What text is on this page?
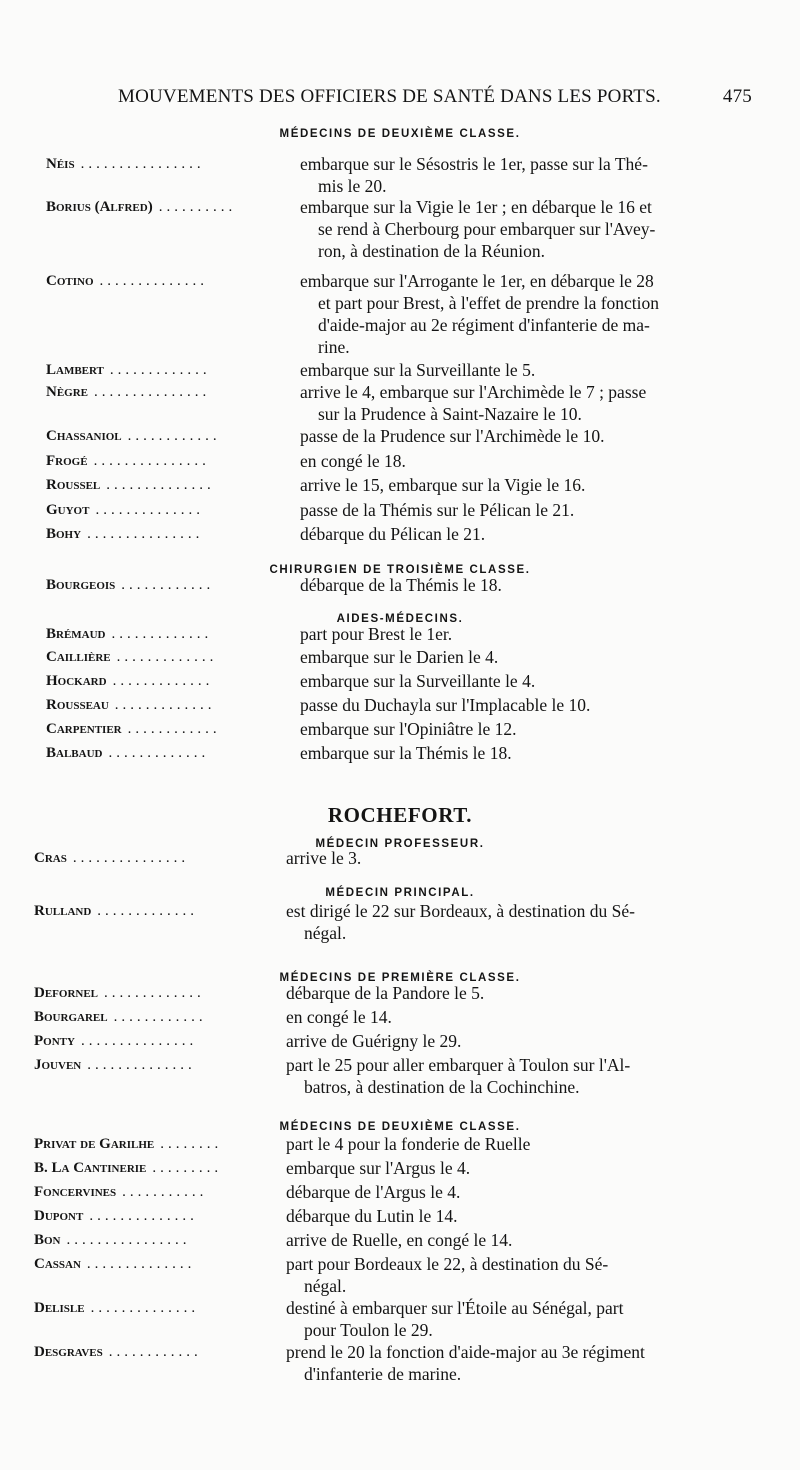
MOUVEMENTS DES OFFICIERS DE SANTÉ DANS LES PORTS.	475
MÉDECINS DE DEUXIÈME CLASSE.
Néis ................	embarque sur le Sésostris le 1er, passe sur la Thé-
mis le 20.
Borius (Alfred) ..........	embarque sur la Vigie le 1er ; en débarque le 16 et
se rend à Cherbourg pour embarquer sur l'Avey-
ron, à destination de la Réunion.
Cotino ..............	embarque sur l'Arrogante le 1er, en débarque le 28
et part pour Brest, à l'effet de prendre la fonction
d'aide-major au 2e régiment d'infanterie de ma-
rine.
Lambert .............	embarque sur la Surveillante le 5.
Nègre ...............	arrive le 4, embarque sur l'Archimède le 7 ; passe
sur la Prudence à Saint-Nazaire le 10.
Chassaniol ............	passe de la Prudence sur l'Archimède le 10.
Frogé ...............	en congé le 18.
Roussel ..............	arrive le 15, embarque sur la Vigie le 16.
Guyot ..............	passe de la Thémis sur le Pélican le 21.
Bohy ...............	débarque du Pélican le 21.
CHIRURGIEN DE TROISIÈME CLASSE.
Bourgeois ............	débarque de la Thémis le 18.
AIDES-MÉDECINS.
Brémaud .............	part pour Brest le 1er.
Caillière .............	embarque sur le Darien le 4.
Hockard .............	embarque sur la Surveillante le 4.
Rousseau .............	passe du Duchayla sur l'Implacable le 10.
Carpentier ............	embarque sur l'Opiniâtre le 12.
Balbaud .............	embarque sur la Thémis le 18.
ROCHEFORT.
MÉDECIN PROFESSEUR.
Cras ...............	arrive le 3.
MÉDECIN PRINCIPAL.
Rulland .............	est dirigé le 22 sur Bordeaux, à destination du Sé-
négal.
MÉDECINS DE PREMIÈRE CLASSE.
Defornel .............	débarque de la Pandore le 5.
Bourgarel ............	en congé le 14.
Ponty ...............	arrive de Guérigny le 29.
Jouven ..............	part le 25 pour aller embarquer à Toulon sur l'Al-
batros, à destination de la Cochinchine.
MÉDECINS DE DEUXIÈME CLASSE.
Privat de Garilhe ........	part le 4 pour la fonderie de Ruelle
B. La Cantinerie .........	embarque sur l'Argus le 4.
Foncervines ...........	débarque de l'Argus le 4.
Dupont ..............	débarque du Lutin le 14.
Bon ................	arrive de Ruelle, en congé le 14.
Cassan ..............	part pour Bordeaux le 22, à destination du Sé-
négal.
Delisle ..............	destiné à embarquer sur l'Étoile au Sénégal, part
pour Toulon le 29.
Desgraves ............	prend le 20 la fonction d'aide-major au 3e régiment
d'infanterie de marine.
